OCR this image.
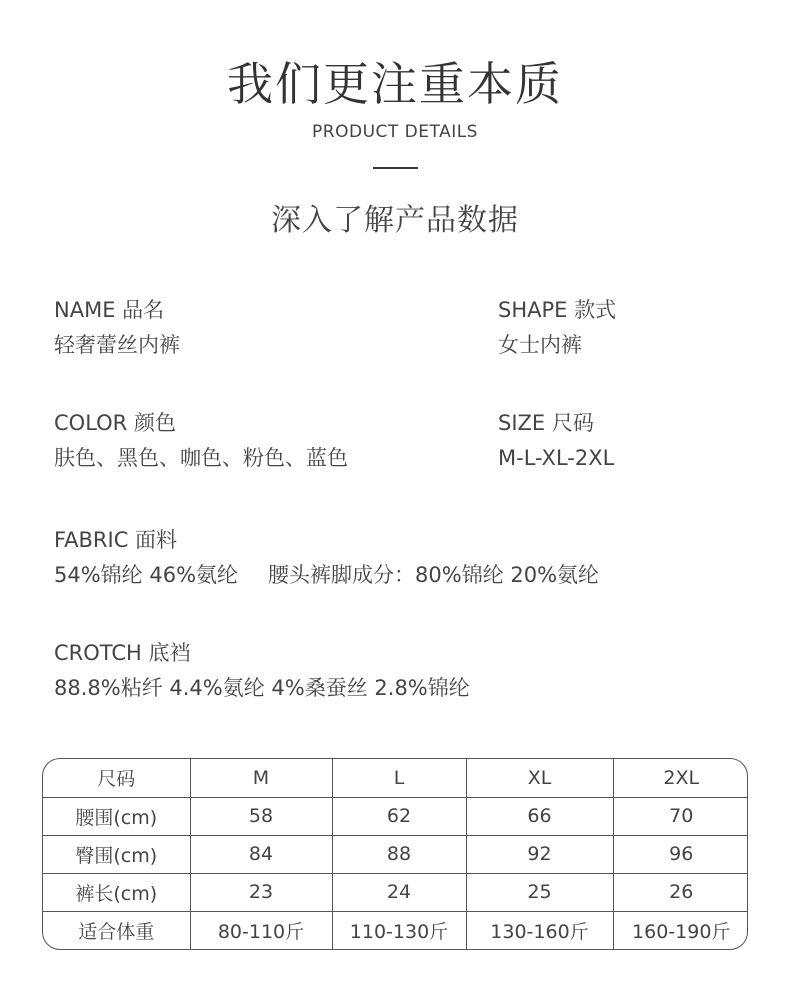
我们更注重本质
PRODUCT DETAILS
深入了解产品数据
NAME 品名
轻奢蕾丝内裤
SHAPE 款式
女士内裤
COLOR 颜色
肤色、黑色、咖色、粉色、蓝色
SIZE 尺码
M-L-XL-2XL
FABRIC 面料
54%锦纶 46%氨纶 腰头裤脚成分：80%锦纶 20%氨纶
CROTCH 底裆
88.8%粘纤 4.4%氨纶 4%桑蚕丝 2.8%锦纶
尺码	M	L	XL	2XL
腰围(cm)	58	62	66	70
臀围(cm)	84	88	92	96
裤长(cm)	23	24	25	26
适合体重	80-110斤	110-130斤	130-160斤	160-190斤
